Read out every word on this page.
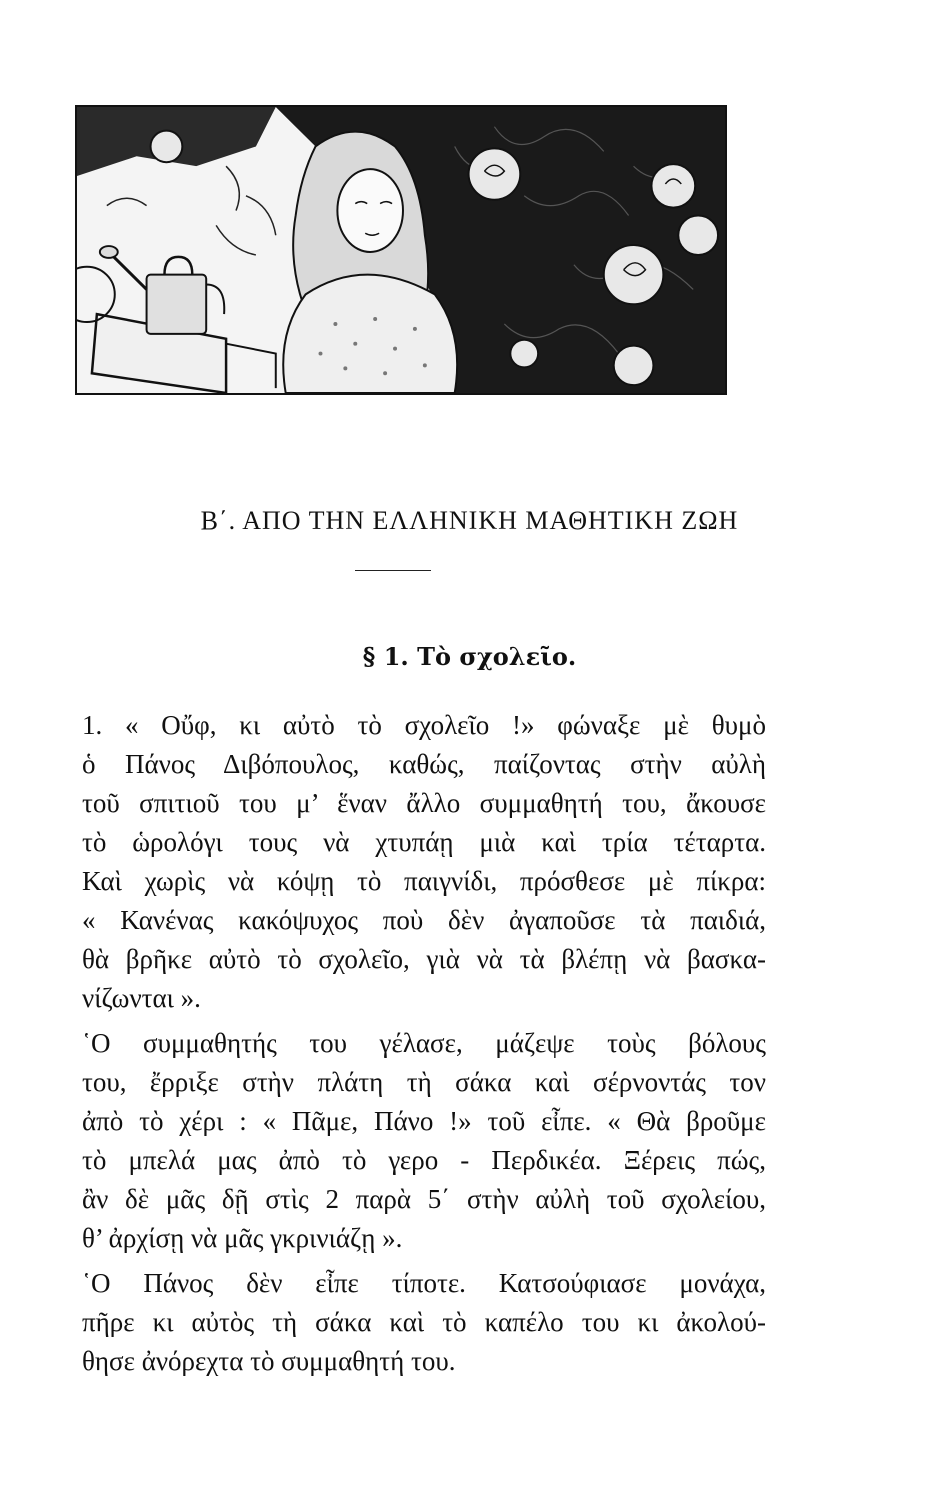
Β΄. ΑΠΟ ΤΗΝ ΕΛΛΗΝΙΚΗ ΜΑΘΗΤΙΚΗ ΖΩΗ
§ 1. Τὸ σχολεῖο.
1. « Οὔφ, κι αὐτὸ τὸ σχολεῖο !» φώναξε μὲ θυμὸ
ὁ Πάνος Διβόπουλος, καθώς, παίζοντας στὴν αὐλὴ
τοῦ σπιτιοῦ του μ’ ἕναν ἄλλο συμμαθητή του, ἄκουσε
τὸ ὡρολόγι τους νὰ χτυπάῃ μιὰ καὶ τρία τέταρτα.
Καὶ χωρὶς νὰ κόψῃ τὸ παιγνίδι, πρόσθεσε μὲ πίκρα:
« Κανένας κακόψυχος ποὺ δὲν ἀγαποῦσε τὰ παιδιά,
θὰ βρῆκε αὐτὸ τὸ σχολεῖο, γιὰ νὰ τὰ βλέπῃ νὰ βασκα-
νίζωνται ».
῾Ο συμμαθητής του γέλασε, μάζεψε τοὺς βόλους
του, ἔρριξε στὴν πλάτη τὴ σάκα καὶ σέρνοντάς τον
ἀπὸ τὸ χέρι : « Πᾶμε, Πάνο !» τοῦ εἶπε. « Θὰ βροῦμε
τὸ μπελά μας ἀπὸ τὸ γερο - Περδικέα. Ξέρεις πώς,
ἂν δὲ μᾶς δῇ στὶς 2 παρὰ 5΄ στὴν αὐλὴ τοῦ σχολείου,
θ’ ἀρχίσῃ νὰ μᾶς γκρινιάζῃ ».
῾Ο Πάνος δὲν εἶπε τίποτε. Κατσούφιασε μονάχα,
πῆρε κι αὐτὸς τὴ σάκα καὶ τὸ καπέλο του κι ἀκολού-
θησε ἀνόρεχτα τὸ συμμαθητή του.
